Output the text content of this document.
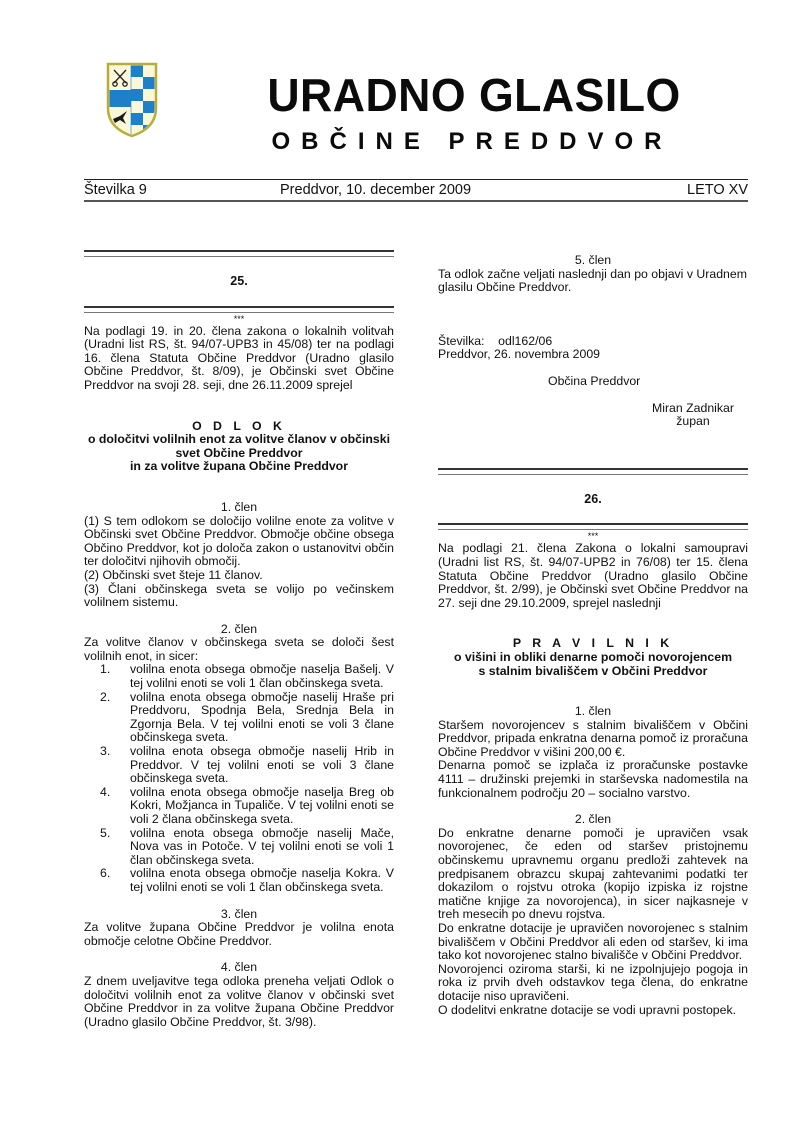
URADNO GLASILO
OBČINE PREDDVOR
Številka 9	Preddvor, 10. december 2009	LETO XV
25.
***

Na podlagi 19. in 20. člena zakona o lokalnih volitvah (Uradni list RS, št. 94/07-UPB3 in 45/08) ter na podlagi 16. člena Statuta Občine Preddvor (Uradno glasilo Občine Preddvor, št. 8/09), je Občinski svet Občine Preddvor na svoji 28. seji, dne 26.11.2009 sprejel

O D L O K
o določitvi volilnih enot za volitve članov v občinski
svet Občine Preddvor
in za volitve župana Občine Preddvor
1. člen

(1) S tem odlokom se določijo volilne enote za volitve v Občinski svet Občine Preddvor. Območje občine obsega Občino Preddvor, kot jo določa zakon o ustanovitvi občin ter določitvi njihovih območij.

(2) Občinski svet šteje 11 članov.

(3) Člani občinskega sveta se volijo po večinskem volilnem sistemu.

2. člen

Za volitve članov v občinskega sveta se določi šest volilnih enot, in sicer:

1. volilna enota obsega območje naselja Bašelj. V tej volilni enoti se voli 1 član občinskega sveta.
2. volilna enota obsega območje naselij Hraše pri Preddvoru, Spodnja Bela, Srednja Bela in Zgornja Bela. V tej volilni enoti se voli 3 člane občinskega sveta.
3. volilna enota obsega območje naselij Hrib in Preddvor. V tej volilni enoti se voli 3 člane občinskega sveta.
4. volilna enota obsega območje naselja Breg ob Kokri, Možjanca in Tupaliče. V tej volilni enoti se voli 2 člana občinskega sveta.
5. volilna enota obsega območje naselij Mače, Nova vas in Potoče. V tej volilni enoti se voli 1 član občinskega sveta.
6. volilna enota obsega območje naselja Kokra. V tej volilni enoti se voli 1 član občinskega sveta.
3. člen

Za volitve župana Občine Preddvor je volilna enota območje celotne Občine Preddvor.

4. člen

Z dnem uveljavitve tega odloka preneha veljati Odlok o določitvi volilnih enot za volitve članov v občinski svet Občine Preddvor in za volitve župana Občine Preddvor (Uradno glasilo Občine Preddvor, št. 3/98).

5. člen

Ta odlok začne veljati naslednji dan po objavi v Uradnem glasilu Občine Preddvor.

Številka:    odl162/06
Preddvor, 26. novembra 2009
Občina Preddvor
Miran Zadnikar
župan
26.
***

Na podlagi 21. člena Zakona o lokalni samoupravi (Uradni list RS, št. 94/07-UPB2 in 76/08) ter 15. člena Statuta Občine Preddvor (Uradno glasilo Občine Preddvor, št. 2/99), je Občinski svet Občine Preddvor na 27. seji dne 29.10.2009, sprejel naslednji

P R A V I L N I K
o višini in obliki denarne pomoči novorojencem
s stalnim bivališčem v Občini Preddvor
1. člen

Staršem novorojencev s stalnim bivališčem v Občini Preddvor, pripada enkratna denarna pomoč iz proračuna Občine Preddvor v višini 200,00 €.

Denarna pomoč se izplača iz proračunske postavke 4111 – družinski prejemki in starševska nadomestila na funkcionalnem področju 20 – socialno varstvo.

2. člen

Do enkratne denarne pomoči je upravičen vsak novorojenec, če eden od staršev pristojnemu občinskemu upravnemu organu predloži zahtevek na predpisanem obrazcu skupaj zahtevanimi podatki ter dokazilom o rojstvu otroka (kopijo izpiska iz rojstne matične knjige za novorojenca), in sicer najkasneje v treh mesecih po dnevu rojstva.

Do enkratne dotacije je upravičen novorojenec s stalnim bivališčem v Občini Preddvor ali eden od staršev, ki ima tako kot novorojenec stalno bivališče v Občini Preddvor.

Novorojenci oziroma starši, ki ne izpolnjujejo pogoja in roka iz prvih dveh odstavkov tega člena, do enkratne dotacije niso upravičeni.

O dodelitvi enkratne dotacije se vodi upravni postopek.
